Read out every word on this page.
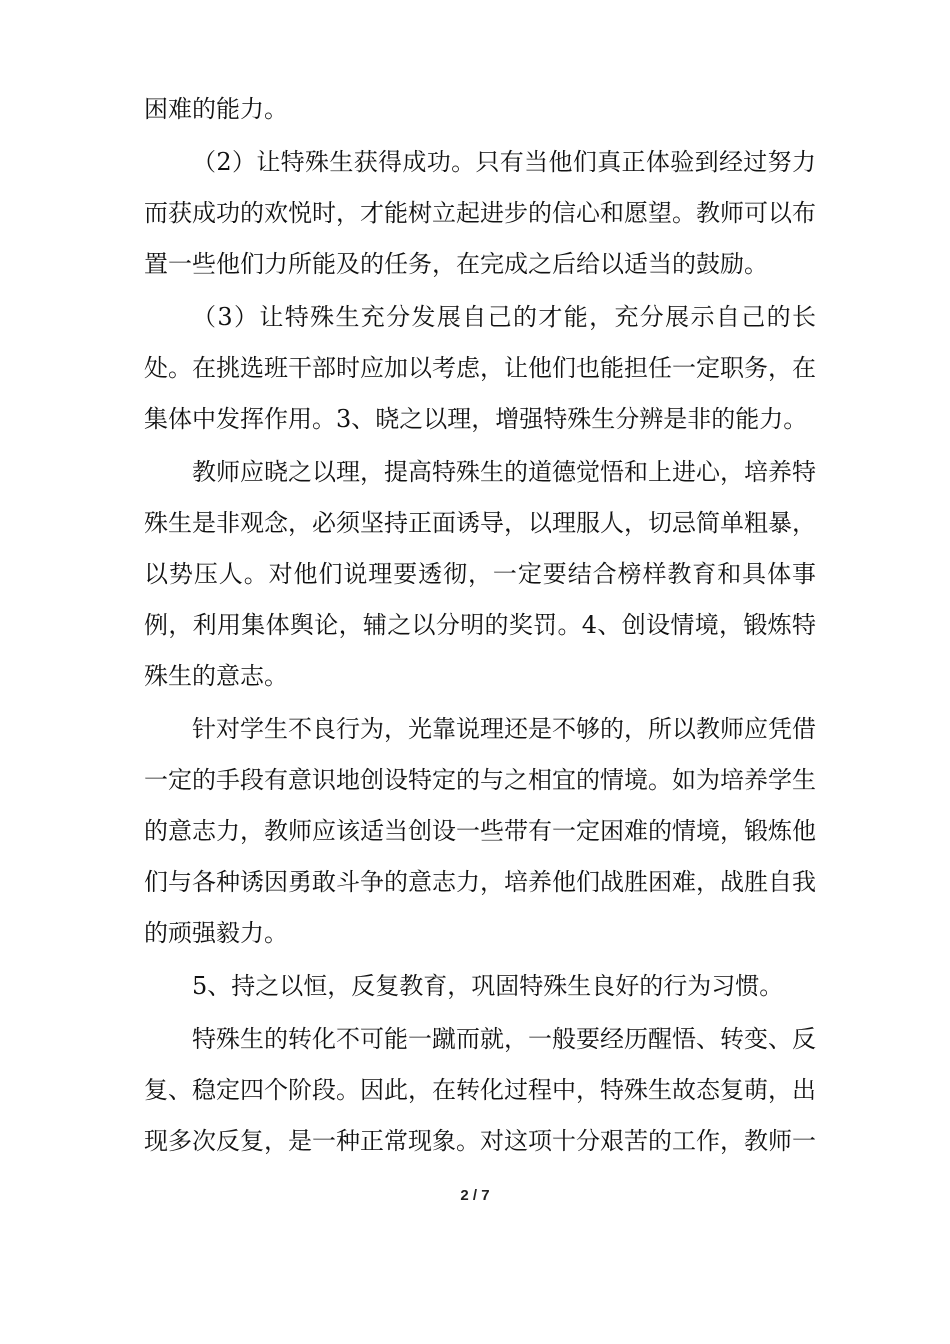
困难的能力。

（2）让特殊生获得成功。只有当他们真正体验到经过努力而获成功的欢悦时，才能树立起进步的信心和愿望。教师可以布置一些他们力所能及的任务，在完成之后给以适当的鼓励。

（3）让特殊生充分发展自己的才能，充分展示自己的长处。在挑选班干部时应加以考虑，让他们也能担任一定职务，在集体中发挥作用。3、晓之以理，增强特殊生分辨是非的能力。

教师应晓之以理，提高特殊生的道德觉悟和上进心，培养特殊生是非观念，必须坚持正面诱导，以理服人，切忌简单粗暴，以势压人。对他们说理要透彻，一定要结合榜样教育和具体事例，利用集体舆论，辅之以分明的奖罚。4、创设情境，锻炼特殊生的意志。

针对学生不良行为，光靠说理还是不够的，所以教师应凭借一定的手段有意识地创设特定的与之相宜的情境。如为培养学生的意志力，教师应该适当创设一些带有一定困难的情境，锻炼他们与各种诱因勇敢斗争的意志力，培养他们战胜困难，战胜自我的顽强毅力。

5、持之以恒，反复教育，巩固特殊生良好的行为习惯。

特殊生的转化不可能一蹴而就，一般要经历醒悟、转变、反复、稳定四个阶段。因此，在转化过程中，特殊生故态复萌，出现多次反复，是一种正常现象。对这项十分艰苦的工作，教师一

2 / 7
